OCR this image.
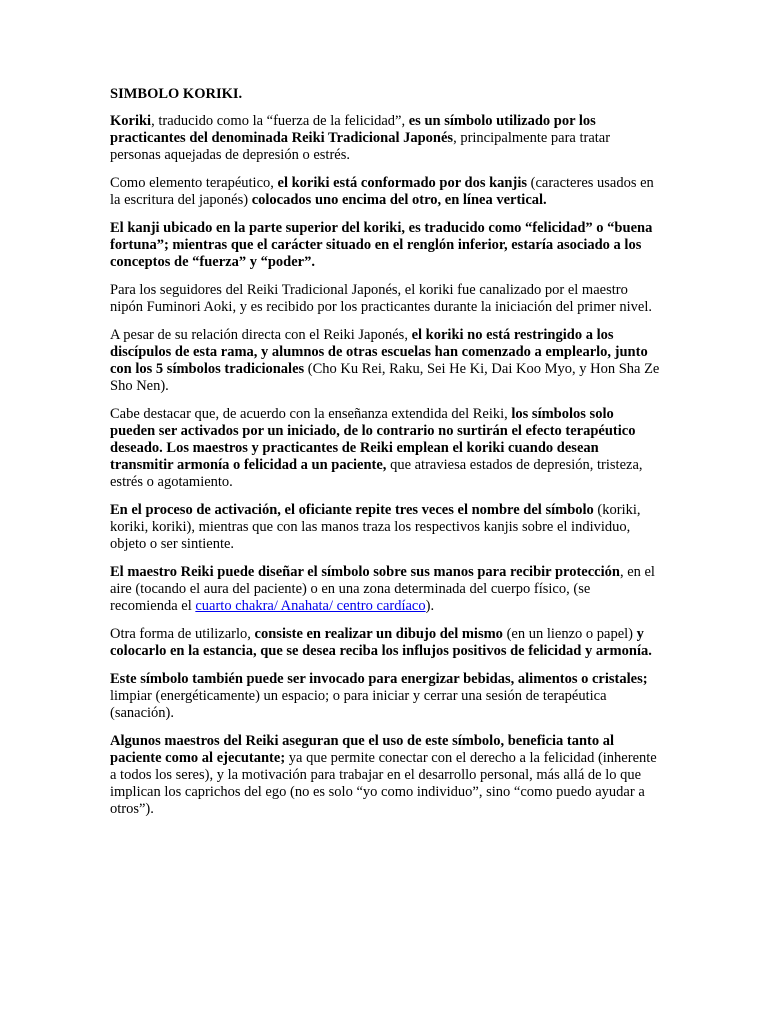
SIMBOLO KORIKI.

Koriki, traducido como la “fuerza de la felicidad”, es un símbolo utilizado por los practicantes del denominada Reiki Tradicional Japonés, principalmente para tratar personas aquejadas de depresión o estrés.

Como elemento terapéutico, el koriki está conformado por dos kanjis (caracteres usados en la escritura del japonés) colocados uno encima del otro, en línea vertical.

El kanji ubicado en la parte superior del koriki, es traducido como “felicidad” o “buena fortuna”; mientras que el carácter situado en el renglón inferior, estaría asociado a los conceptos de “fuerza” y “poder”.

Para los seguidores del Reiki Tradicional Japonés, el koriki fue canalizado por el maestro nipón Fuminori Aoki, y es recibido por los practicantes durante la iniciación del primer nivel.

A pesar de su relación directa con el Reiki Japonés, el koriki no está restringido a los discípulos de esta rama, y alumnos de otras escuelas han comenzado a emplearlo, junto con los 5 símbolos tradicionales (Cho Ku Rei, Raku, Sei He Ki, Dai Koo Myo, y Hon Sha Ze Sho Nen).

Cabe destacar que, de acuerdo con la enseñanza extendida del Reiki, los símbolos solo pueden ser activados por un iniciado, de lo contrario no surtirán el efecto terapéutico deseado. Los maestros y practicantes de Reiki emplean el koriki cuando desean transmitir armonía o felicidad a un paciente, que atraviesa estados de depresión, tristeza, estrés o agotamiento.

En el proceso de activación, el oficiante repite tres veces el nombre del símbolo (koriki, koriki, koriki), mientras que con las manos traza los respectivos kanjis sobre el individuo, objeto o ser sintiente.

El maestro Reiki puede diseñar el símbolo sobre sus manos para recibir protección, en el aire (tocando el aura del paciente) o en una zona determinada del cuerpo físico, (se recomienda el cuarto chakra/ Anahata/ centro cardíaco).

Otra forma de utilizarlo, consiste en realizar un dibujo del mismo (en un lienzo o papel) y colocarlo en la estancia, que se desea reciba los influjos positivos de felicidad y armonía.

Este símbolo también puede ser invocado para energizar bebidas, alimentos o cristales; limpiar (energéticamente) un espacio; o para iniciar y cerrar una sesión de terapéutica (sanación).

Algunos maestros del Reiki aseguran que el uso de este símbolo, beneficia tanto al paciente como al ejecutante; ya que permite conectar con el derecho a la felicidad (inherente a todos los seres), y la motivación para trabajar en el desarrollo personal, más allá de lo que implican los caprichos del ego (no es solo “yo como individuo”, sino “como puedo ayudar a otros”).
